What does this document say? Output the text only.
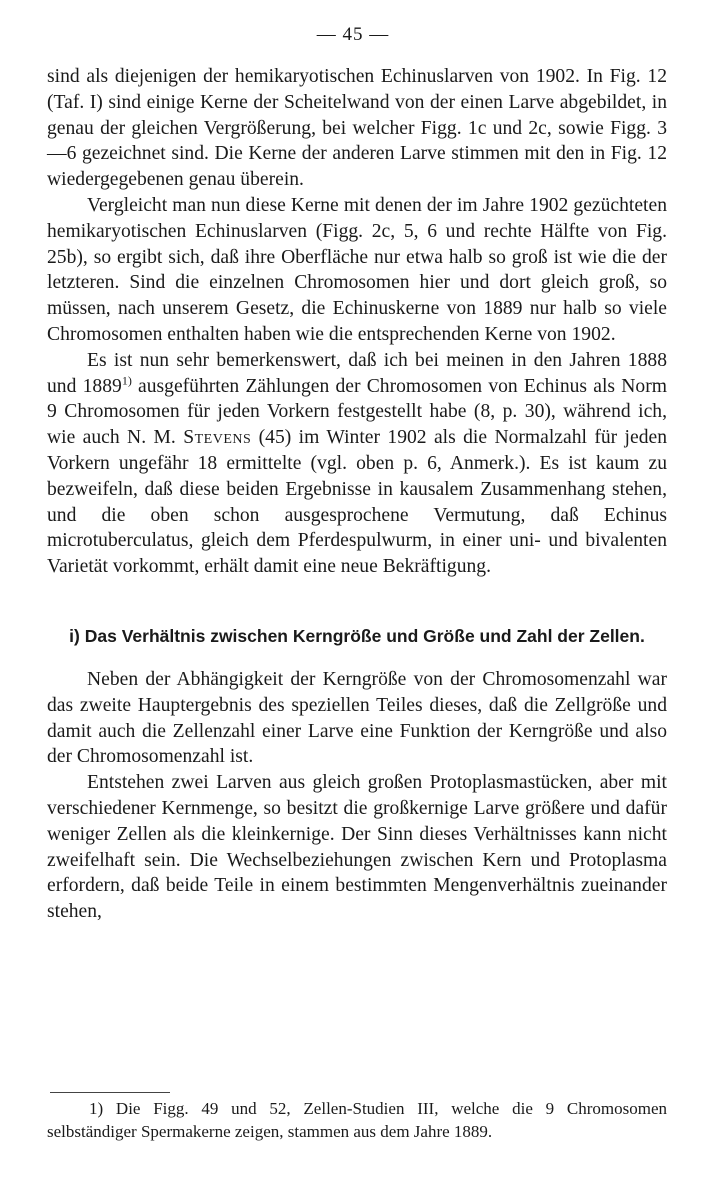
— 45 —

sind als diejenigen der hemikaryotischen Echinuslarven von 1902. In Fig. 12 (Taf. I) sind einige Kerne der Scheitelwand von der einen Larve abgebildet, in genau der gleichen Vergrößerung, bei welcher Figg. 1c und 2c, sowie Figg. 3—6 gezeichnet sind. Die Kerne der anderen Larve stimmen mit den in Fig. 12 wiedergegebenen genau überein.

Vergleicht man nun diese Kerne mit denen der im Jahre 1902 gezüchteten hemikaryotischen Echinuslarven (Figg. 2c, 5, 6 und rechte Hälfte von Fig. 25b), so ergibt sich, daß ihre Oberfläche nur etwa halb so groß ist wie die der letzteren. Sind die einzelnen Chromosomen hier und dort gleich groß, so müssen, nach unserem Gesetz, die Echinuskerne von 1889 nur halb so viele Chromosomen enthalten haben wie die entsprechenden Kerne von 1902.

Es ist nun sehr bemerkenswert, daß ich bei meinen in den Jahren 1888 und 1889$^{1)}$ ausgeführten Zählungen der Chromosomen von Echinus als Norm 9 Chromosomen für jeden Vorkern festgestellt habe (8, p. 30), während ich, wie auch N. M. Stevens (45) im Winter 1902 als die Normalzahl für jeden Vorkern ungefähr 18 ermittelte (vgl. oben p. 6, Anmerk.). Es ist kaum zu bezweifeln, daß diese beiden Ergebnisse in kausalem Zusammenhang stehen, und die oben schon ausgesprochene Vermutung, daß Echinus microtuberculatus, gleich dem Pferdespulwurm, in einer uni- und bivalenten Varietät vorkommt, erhält damit eine neue Bekräftigung.

i) Das Verhältnis zwischen Kerngröße und Größe und Zahl der Zellen.

Neben der Abhängigkeit der Kerngröße von der Chromosomenzahl war das zweite Hauptergebnis des speziellen Teiles dieses, daß die Zellgröße und damit auch die Zellenzahl einer Larve eine Funktion der Kerngröße und also der Chromosomenzahl ist.

Entstehen zwei Larven aus gleich großen Protoplasmastücken, aber mit verschiedener Kernmenge, so besitzt die großkernige Larve größere und dafür weniger Zellen als die kleinkernige. Der Sinn dieses Verhältnisses kann nicht zweifelhaft sein. Die Wechselbeziehungen zwischen Kern und Protoplasma erfordern, daß beide Teile in einem bestimmten Mengenverhältnis zueinander stehen,

1) Die Figg. 49 und 52, Zellen-Studien III, welche die 9 Chromosomen selbständiger Spermakerne zeigen, stammen aus dem Jahre 1889.
